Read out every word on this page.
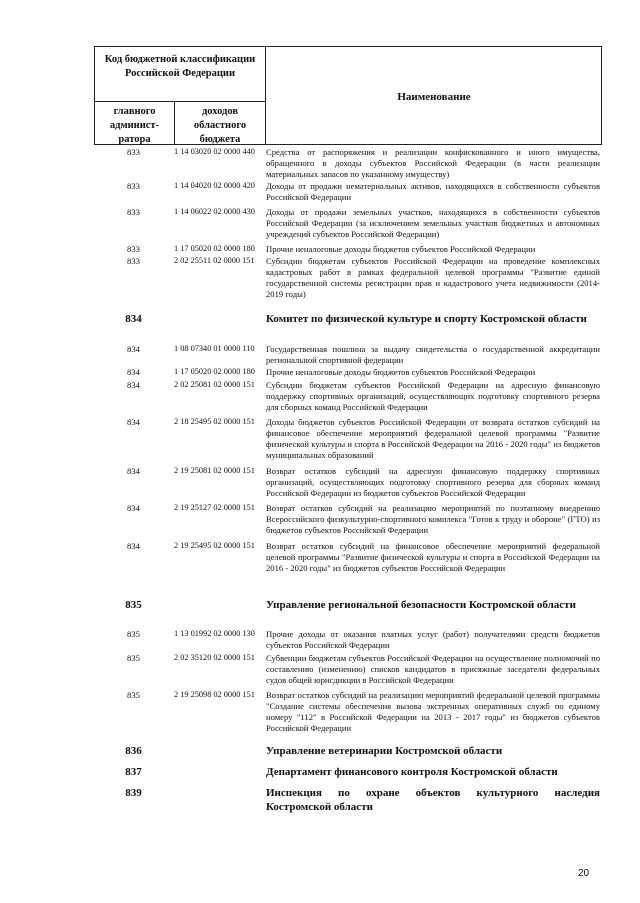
Код бюджетной классификации Российской Федерации
главного админист-ратора
доходов областного бюджета
Наименование
833	1 14 03020 02 0000 440	Средства от распоряжения и реализации конфискованного и иного имущества, обращенного в доходы субъектов Российской Федерации (в части реализации материальных запасов по указанному имуществу)
833	1 14 04020 02 0000 420	Доходы от продажи нематериальных активов, находящихся в собственности субъектов Российской Федерации
833	1 14 06022 02 0000 430	Доходы от продажи земельных участков, находящихся в собственности субъектов Российской Федерации (за исключением земельных участков бюджетных и автономных учреждений субъектов Российской Федерации)
833	1 17 05020 02 0000 180	Прочие неналоговые доходы бюджетов субъектов Российской Федерации
833	2 02 25511 02 0000 151	Субсидии бюджетам субъектов Российской Федерации на проведение комплексных кадастровых работ в рамках федеральной целевой программы "Развитие единой государственной системы регистрации прав и кадастрового учета недвижимости (2014-2019 годы)
834	Комитет по физической культуре и спорту Костромской области
834	1 08 07340 01 0000 110	Государственная пошлина за выдачу свидетельства о государственной аккредитации региональной спортивной федерации
834	1 17 05020 02 0000 180	Прочие неналоговые доходы бюджетов субъектов Российской Федерации
834	2 02 25081 02 0000 151	Субсидии бюджетам субъектов Российской Федерации на адресную финансовую поддержку спортивных организаций, осуществляющих подготовку спортивного резерва для сборных команд Российской Федерации
834	2 18 25495 02 0000 151	Доходы бюджетов субъектов Российской Федерации от возврата остатков субсидий на финансовое обеспечение мероприятий федеральной целевой программы "Развитие физической культуры и спорта в Российской Федерации на 2016 - 2020 годы" из бюджетов муниципальных образований
834	2 19 25081 02 0000 151	Возврат остатков субсидий на адресную финансовую поддержку спортивных организаций, осуществляющих подготовку спортивного резерва для сборных команд Российской Федерации из бюджетов субъектов Российской Федерации
834	2 19 25127 02 0000 151	Возврат остатков субсидий на реализацию мероприятий по поэтапному внедрению Всероссийского физкультурно-спортивного комплекса "Готов к труду и обороне" (ГТО) из бюджетов субъектов Российской Федерации
834	2 19 25495 02 0000 151	Возврат остатков субсидий на финансовое обеспечение мероприятий федеральной целевой программы "Развитие физической культуры и спорта в Российской Федерации на 2016 - 2020 годы" из бюджетов субъектов Российской Федерации
835	Управление региональной безопасности Костромской области
835	1 13 01992 02 0000 130	Прочие доходы от оказания платных услуг (работ) получателями средств бюджетов субъектов Российской Федерации
835	2 02 35120 02 0000 151	Субвенции бюджетам субъектов Российской Федерации на осуществление полномочий по составлению (изменению) списков кандидатов в присяжные заседатели федеральных судов общей юрисдикции в Российской Федерации
835	2 19 25098 02 0000 151	Возврат остатков субсидий на реализацию мероприятий федеральной целевой программы "Создание системы обеспечения вызова экстренных оперативных служб по единому номеру "112" в Российской Федерации на 2013 - 2017 годы" из бюджетов субъектов Российской Федерации
836	Управление ветеринарии Костромской области
837	Департамент финансового контроля Костромской области
839	Инспекция по охране объектов культурного наследия Костромской области
20
